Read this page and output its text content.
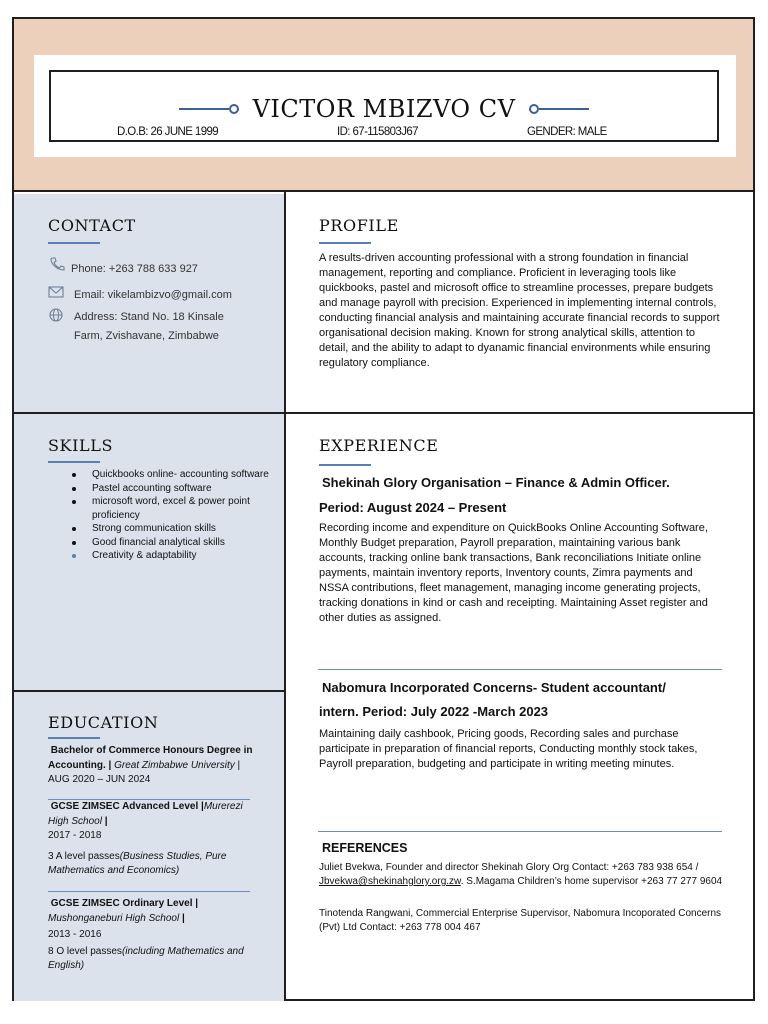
VICTOR MBIZVO CV
D.O.B: 26 JUNE 1999	ID: 67-115803J67	GENDER: MALE
CONTACT
Phone: +263 788 633 927
Email: vikelambizvo@gmail.com
Address: Stand No. 18 Kinsale
Farm, Zvishavane, Zimbabwe
SKILLS
Quickbooks online- accounting software
Pastel accounting software
microsoft word, excel & power point proficiency
Strong communication skills
Good financial analytical skills
Creativity & adaptability
EDUCATION
Bachelor of Commerce Honours Degree in Accounting. | Great Zimbabwe University |
AUG 2020 – JUN 2024
GCSE ZIMSEC Advanced Level |Murerezi High School |
2017 - 2018

3 A level passes(Business Studies, Pure Mathematics and Economics)
GCSE ZIMSEC Ordinary Level |
Mushonganeburi High School |

2013 - 2016

8 O level passes(including Mathematics and English)
PROFILE
A results-driven accounting professional with a strong foundation in financial management, reporting and compliance. Proficient in leveraging tools like quickbooks, pastel and microsoft office to streamline processes, prepare budgets and manage payroll with precision. Experienced in implementing internal controls, conducting financial analysis and maintaining accurate financial records to support organisational decision making. Known for strong analytical skills, attention to detail, and the ability to adapt to dyanamic financial environments while ensuring regulatory compliance.
EXPERIENCE
Shekinah Glory Organisation – Finance & Admin Officer.
Period: August 2024 – Present
Recording income and expenditure on QuickBooks Online Accounting Software, Monthly Budget preparation, Payroll preparation, maintaining various bank accounts, tracking online bank transactions, Bank reconciliations Initiate online payments, maintain inventory reports, Inventory counts, Zimra payments and NSSA contributions, fleet management, managing income generating projects, tracking donations in kind or cash and receipting. Maintaining Asset register and other duties as assigned.
Nabomura Incorporated Concerns- Student accountant/
intern. Period: July 2022 -March 2023
Maintaining daily cashbook, Pricing goods, Recording sales and purchase participate in preparation of financial reports, Conducting monthly stock takes, Payroll preparation, budgeting and participate in writing meeting minutes.
REFERENCES
Juliet Bvekwa, Founder and director Shekinah Glory Org Contact: +263 783 938 654 / Jbvekwa@shekinahglory.org.zw. S.Magama Children’s home supervisor +263 77 277 9604
Tinotenda Rangwani, Commercial Enterprise Supervisor, Nabomura Incoporated Concerns (Pvt) Ltd Contact: +263 778 004 467
